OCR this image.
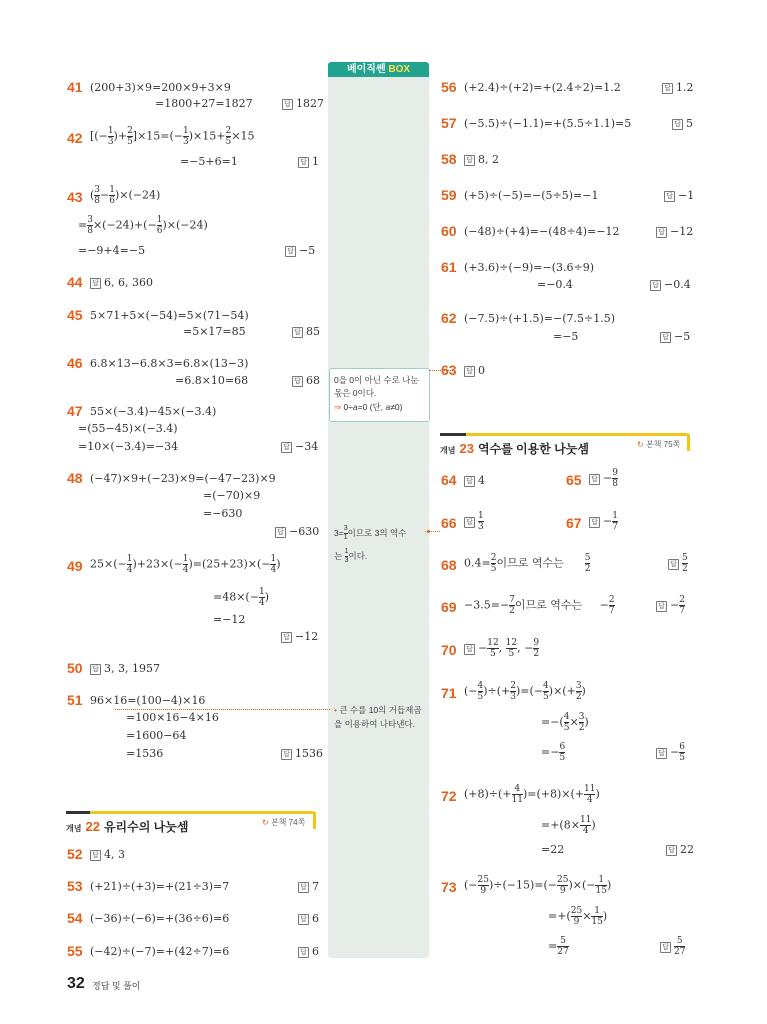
베이직쎈 BOX
0을 0이 아닌 수로 나눈
몫은 0이다.
⇒ 0÷a=0 (단, a≠0)
3= 3
1이므로 3의 역수
는 1
3이다.
• 큰 수를 10의 거듭제곱
을 이용하여 나타낸다.
41 (200+3)×9=200×9+3×9
=1800+27=1827	답 1827
42 [(− 1
3)+ 2
5]×15=(− 1
3)×15+ 2
5×15
=−5+6=1	답 1
43 ( 3
8− 1
6)×(−24)
= 3
8×(−24)+(− 1
6)×(−24)
=−9+4=−5	답 −5
44	답 6, 6, 360
45 5×71+5×(−54)=5×(71−54)
=5×17=85	답 85
46 6.8×13−6.8×3=6.8×(13−3)
=6.8×10=68	답 68
47 55×(−3.4)−45×(−3.4)
=(55−45)×(−3.4)
=10×(−3.4)=−34	답 −34
48 (−47)×9+(−23)×9=(−47−23)×9
=(−70)×9
=−630
답 −630
49 25×(− 1
4)+23×(− 1
4)=(25+23)×(− 1
4)
=48×(− 1
4)
=−12
답 −12
50	답 3, 3, 1957
51 96×16=(100−4)×16
=100×16−4×16
=1600−64
=1536	답 1536
개념 22 유리수의 나눗셈	↻ 본책 74쪽
52	답 4, 3
53 (+21)÷(+3)=+(21÷3)=7	답 7
54 (−36)÷(−6)=+(36÷6)=6	답 6
55 (−42)÷(−7)=+(42÷7)=6	답 6
56 (+2.4)÷(+2)=+(2.4÷2)=1.2	답 1.2
57 (−5.5)÷(−1.1)=+(5.5÷1.1)=5	답 5
58	답 8, 2
59 (+5)÷(−5)=−(5÷5)=−1	답 −1
60 (−48)÷(+4)=−(48÷4)=−12	답 −12
61 (+3.6)÷(−9)=−(3.6÷9)
=−0.4	답 −0.4
62 (−7.5)÷(+1.5)=−(7.5÷1.5)
=−5	답 −5
63	답 0
개념 23 역수를 이용한 나눗셈	↻ 본책 75쪽
64	답 4	65	답 − 9
8
66	답
1
3	67	답 − 1
7
68 0.4= 2
5이므로 역수는 5
2	답
5
2
69 −3.5=− 7
2이므로 역수는     − 2
7	답 − 2
7
70	답 − 12
5 , 12
5 , − 9
2
71 (− 4
5)÷(+ 2
3)=(− 4
5)×(+ 3
2)
=−( 4
5× 3
2)
=− 6
5	답 − 6
5
72 (+8)÷(+ 4
11)=(+8)×(+ 11
4 )
=+(8× 11
4 )
=22	답 22
73 (− 25
9 )÷(−15)=(− 25
9 )×(− 1
15)
=+( 25
9 × 1
15)
= 5
27	답
5
27
32 정답 및 풀이
